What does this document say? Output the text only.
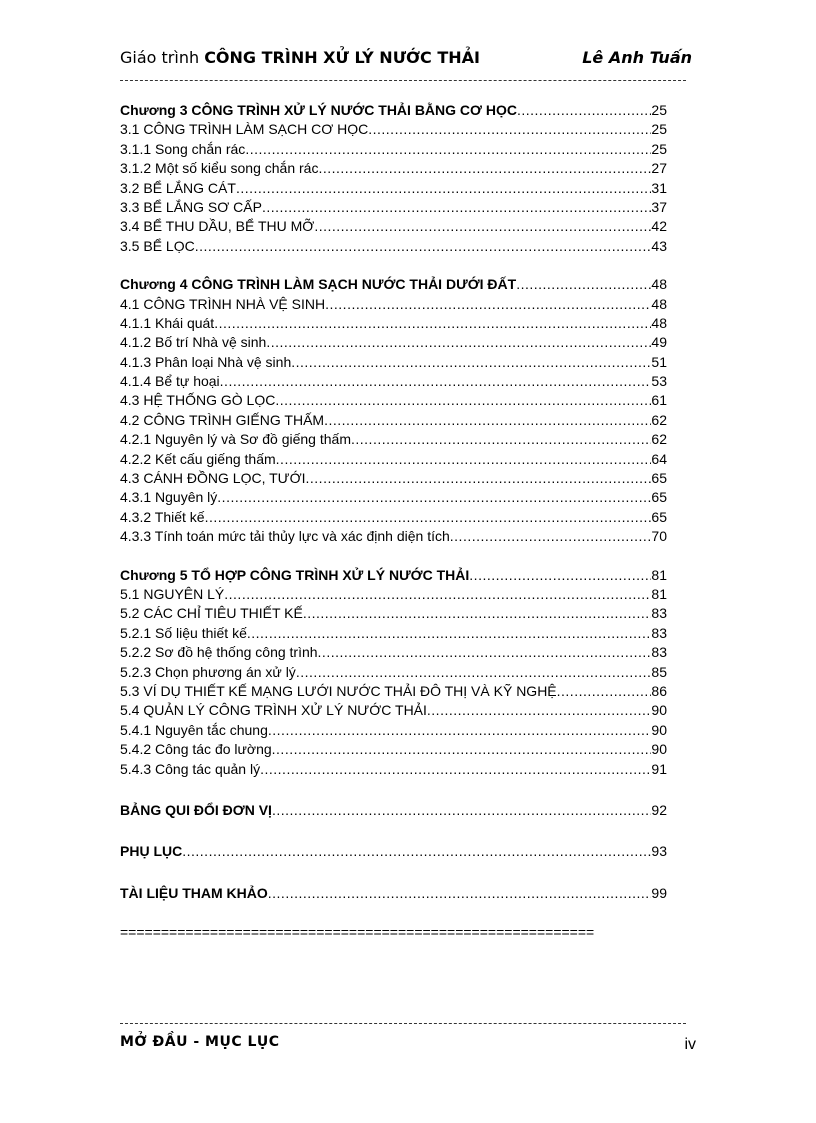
Giáo trình CÔNG TRÌNH XỬ LÝ NƯỚC THẢI	Lê Anh Tuấn
Chương 3 CÔNG TRÌNH XỬ LÝ NƯỚC THẢI BẰNG CƠ HỌC .....	25
3.1 CÔNG TRÌNH LÀM SẠCH CƠ HỌC .....	25
3.1.1 Song chắn rác .....	25
3.1.2 Một số kiểu song chắn rác .....	27
3.2 BỂ LẮNG CÁT .....	31
3.3 BỂ LẮNG SƠ CẤP .....	37
3.4 BỂ THU DẦU, BỂ THU MỠ .....	42
3.5 BỂ LỌC .....	43
Chương 4 CÔNG TRÌNH LÀM SẠCH NƯỚC THẢI DƯỚI ĐẤT .....	48
4.1 CÔNG TRÌNH NHÀ VỆ SINH .....	48
4.1.1 Khái quát .....	48
4.1.2 Bố trí Nhà vệ sinh .....	49
4.1.3 Phân loại Nhà vệ sinh .....	51
4.1.4 Bể tự hoại .....	53
4.3 HỆ THỐNG GÒ LỌC .....	61
4.2 CÔNG TRÌNH GIẾNG THẤM .....	62
4.2.1 Nguyên lý và Sơ đồ giếng thấm .....	62
4.2.2 Kết cấu giếng thấm .....	64
4.3 CÁNH ĐỒNG LỌC, TƯỚI .....	65
4.3.1 Nguyên lý .....	65
4.3.2 Thiết kế .....	65
4.3.3 Tính toán mức tải thủy lực và xác định diện tích .....	70
Chương 5 TỔ HỢP CÔNG TRÌNH XỬ LÝ NƯỚC THẢI .....	81
5.1 NGUYÊN LÝ .....	81
5.2 CÁC CHỈ TIÊU THIẾT KẾ .....	83
5.2.1 Số liệu thiết kế .....	83
5.2.2 Sơ đồ hệ thống công trình .....	83
5.2.3 Chọn phương án xử lý .....	85
5.3 VÍ DỤ THIẾT KẾ MẠNG LƯỚI NƯỚC THẢI ĐÔ THỊ VÀ KỸ NGHỆ .....	86
5.4 QUẢN LÝ CÔNG TRÌNH XỬ LÝ NƯỚC THẢI .....	90
5.4.1 Nguyên tắc chung .....	90
5.4.2 Công tác đo lường .....	90
5.4.3 Công tác quản lý .....	91
BẢNG QUI ĐỔI ĐƠN VỊ .....	92
PHỤ LỤC .....	93
TÀI LIỆU THAM KHẢO .....	99
==========================================================
MỞ ĐẦU - MỤC LỤC	iv
